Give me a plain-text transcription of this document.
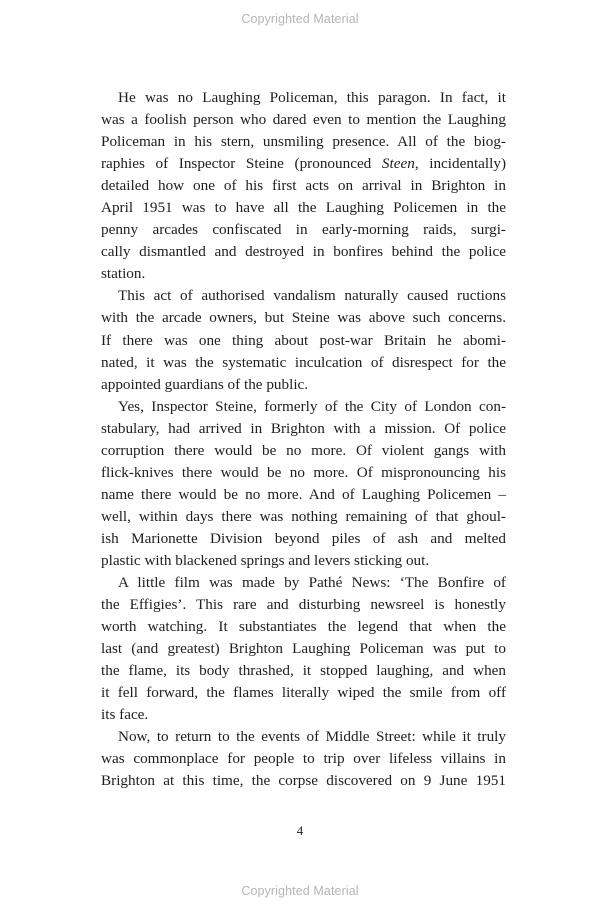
Copyrighted Material

He was no Laughing Policeman, this paragon. In fact, it
was a foolish person who dared even to mention the Laughing
Policeman in his stern, unsmiling presence. All of the biog-
raphies of Inspector Steine (pronounced Steen, incidentally)
detailed how one of his first acts on arrival in Brighton in
April 1951 was to have all the Laughing Policemen in the
penny arcades confiscated in early-morning raids, surgi-
cally dismantled and destroyed in bonfires behind the police
station.

This act of authorised vandalism naturally caused ructions
with the arcade owners, but Steine was above such concerns.
If there was one thing about post-war Britain he abomi-
nated, it was the systematic inculcation of disrespect for the
appointed guardians of the public.

Yes, Inspector Steine, formerly of the City of London con-
stabulary, had arrived in Brighton with a mission. Of police
corruption there would be no more. Of violent gangs with
flick-knives there would be no more. Of mispronouncing his
name there would be no more. And of Laughing Policemen –
well, within days there was nothing remaining of that ghoul-
ish Marionette Division beyond piles of ash and melted
plastic with blackened springs and levers sticking out.

A little film was made by Pathé News: ‘The Bonfire of
the Effigies’. This rare and disturbing newsreel is honestly
worth watching. It substantiates the legend that when the
last (and greatest) Brighton Laughing Policeman was put to
the flame, its body thrashed, it stopped laughing, and when
it fell forward, the flames literally wiped the smile from off
its face.

Now, to return to the events of Middle Street: while it truly
was commonplace for people to trip over lifeless villains in
Brighton at this time, the corpse discovered on 9 June 1951

4
Copyrighted Material
